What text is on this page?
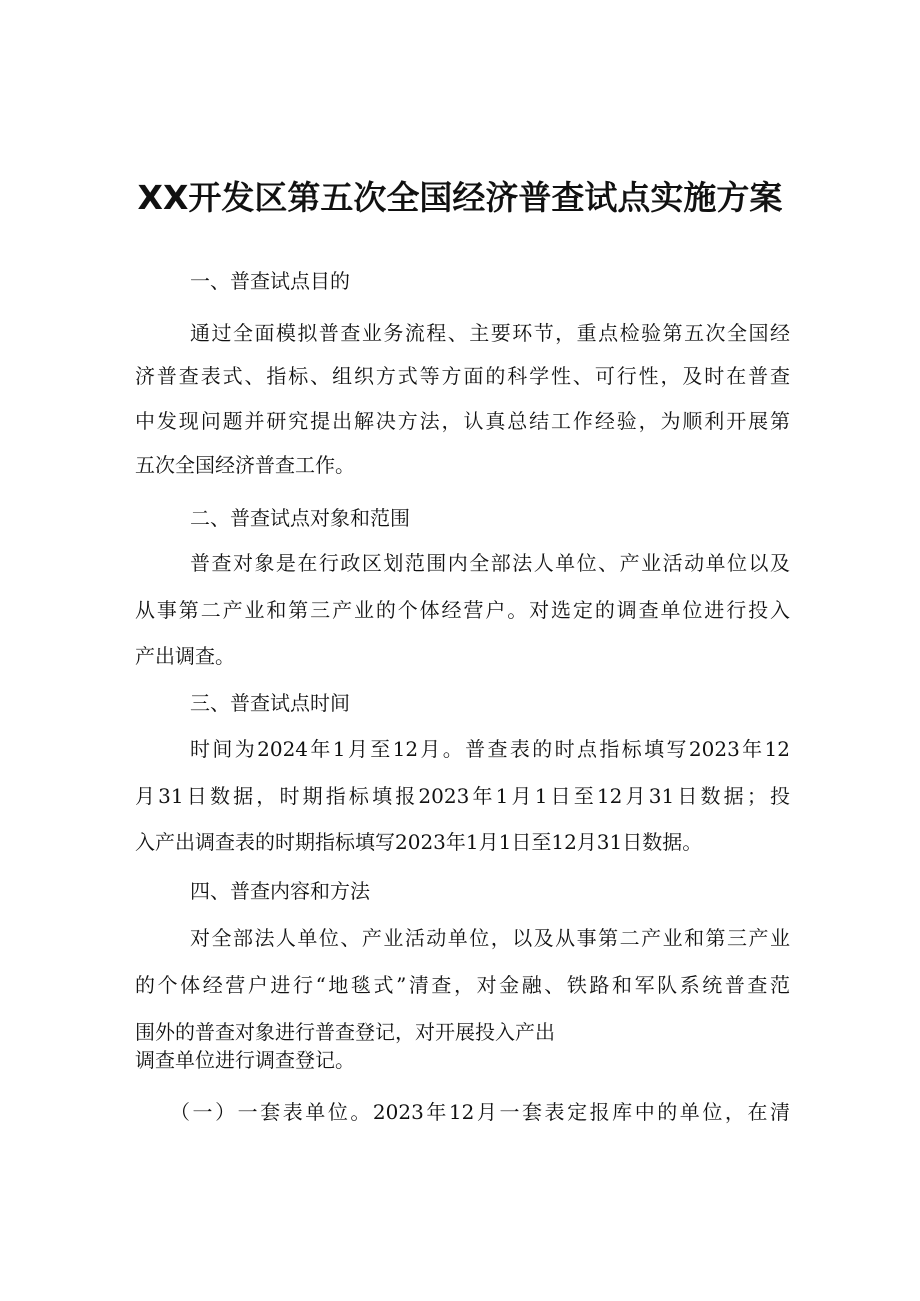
XX开发区第五次全国经济普查试点实施方案

一、普查试点目的

通过全面模拟普查业务流程、主要环节，重点检验第五次全国经

济普查表式、指标、组织方式等方面的科学性、可行性，及时在普查

中发现问题并研究提出解决方法，认真总结工作经验，为顺利开展第

五次全国经济普查工作。

二、普查试点对象和范围

普查对象是在行政区划范围内全部法人单位、产业活动单位以及

从事第二产业和第三产业的个体经营户。对选定的调查单位进行投入

产出调查。

三、普查试点时间

时间为2024年1月至12月。普查表的时点指标填写2023年12

月31日数据，时期指标填报2023年1月1日至12月31日数据；投

入产出调查表的时期指标填写2023年1月1日至12月31日数据。

四、普查内容和方法

对全部法人单位、产业活动单位，以及从事第二产业和第三产业

的个体经营户进行“地毯式”清查，对金融、铁路和军队系统普查范

围外的普查对象进行普查登记，对开展投入产出

调查单位进行调查登记。

（一）一套表单位。2023年12月一套表定报库中的单位，在清
